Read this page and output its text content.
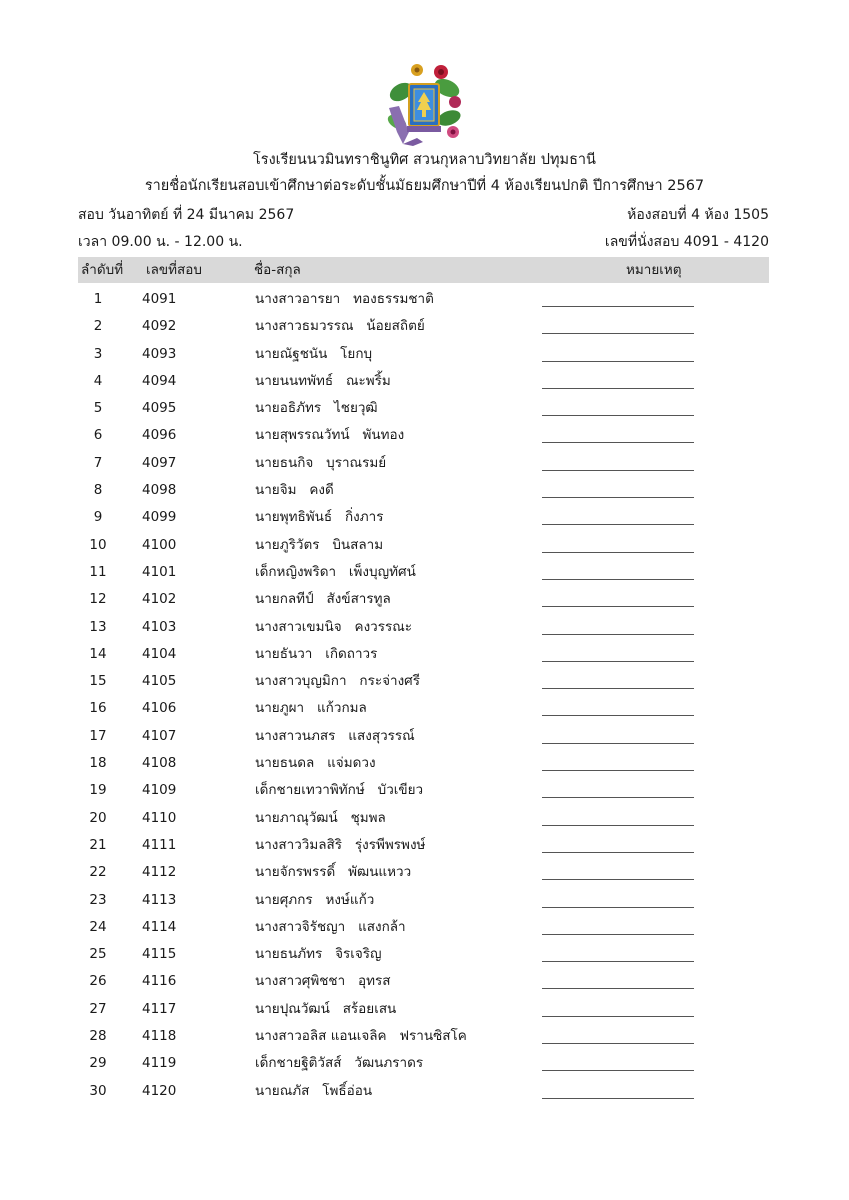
โรงเรียนนวมินทราชินูทิศ สวนกุหลาบวิทยาลัย ปทุมธานี
รายชื่อนักเรียนสอบเข้าศึกษาต่อระดับชั้นมัธยมศึกษาปีที่ 4 ห้องเรียนปกติ ปีการศึกษา 2567
สอบ วันอาทิตย์ ที่ 24 มีนาคม 2567	ห้องสอบที่ 4 ห้อง 1505
เวลา 09.00 น. - 12.00 น.	เลขที่นั่งสอบ 4091 - 4120
ลำดับที่ เลขที่สอบ	ชื่อ-สกุล	หมายเหตุ
1	4091	นางสาวอารยา   ทองธรรมชาติ
2	4092	นางสาวธมวรรณ   น้อยสถิตย์
3	4093	นายณัฐชนัน   โยกบุ
4	4094	นายนนทพัทธ์   ณะพริ้ม
5	4095	นายอธิภัทร   ไชยวุฒิ
6	4096	นายสุพรรณวัทน์   พันทอง
7	4097	นายธนกิจ   บุราณรมย์
8	4098	นายจิม   คงดี
9	4099	นายพุทธิพันธ์   กิ่งภาร
10	4100	นายภูริวัตร   บินสลาม
11	4101	เด็กหญิงพริดา   เพ็งบุญทัศน์
12	4102	นายกลทีป์   สังข์สารทูล
13	4103	นางสาวเขมนิจ   คงวรรณะ
14	4104	นายธันวา   เกิดถาวร
15	4105	นางสาวบุญมิกา   กระจ่างศรี
16	4106	นายภูผา   แก้วกมล
17	4107	นางสาวนภสร   แสงสุวรรณ์
18	4108	นายธนดล   แจ่มดวง
19	4109	เด็กชายเทวาพิทักษ์   บัวเขียว
20	4110	นายภาณุวัฒน์   ชุมพล
21	4111	นางสาววิมลสิริ   รุ่งรพีพรพงษ์
22	4112	นายจักรพรรดิ์   พัฒนแหวว
23	4113	นายศุภกร   หงษ์แก้ว
24	4114	นางสาวจิรัชญา   แสงกล้า
25	4115	นายธนภัทร   จิรเจริญ
26	4116	นางสาวศุพิชชา   อุทรส
27	4117	นายปุณวัฒน์   สร้อยเสน
28	4118	นางสาวอลิส แอนเจลิค   ฟรานซิสโค
29	4119	เด็กชายฐิติวัสส์   วัฒนภราดร
30	4120	นายณภัส   โพธิ์อ่อน
